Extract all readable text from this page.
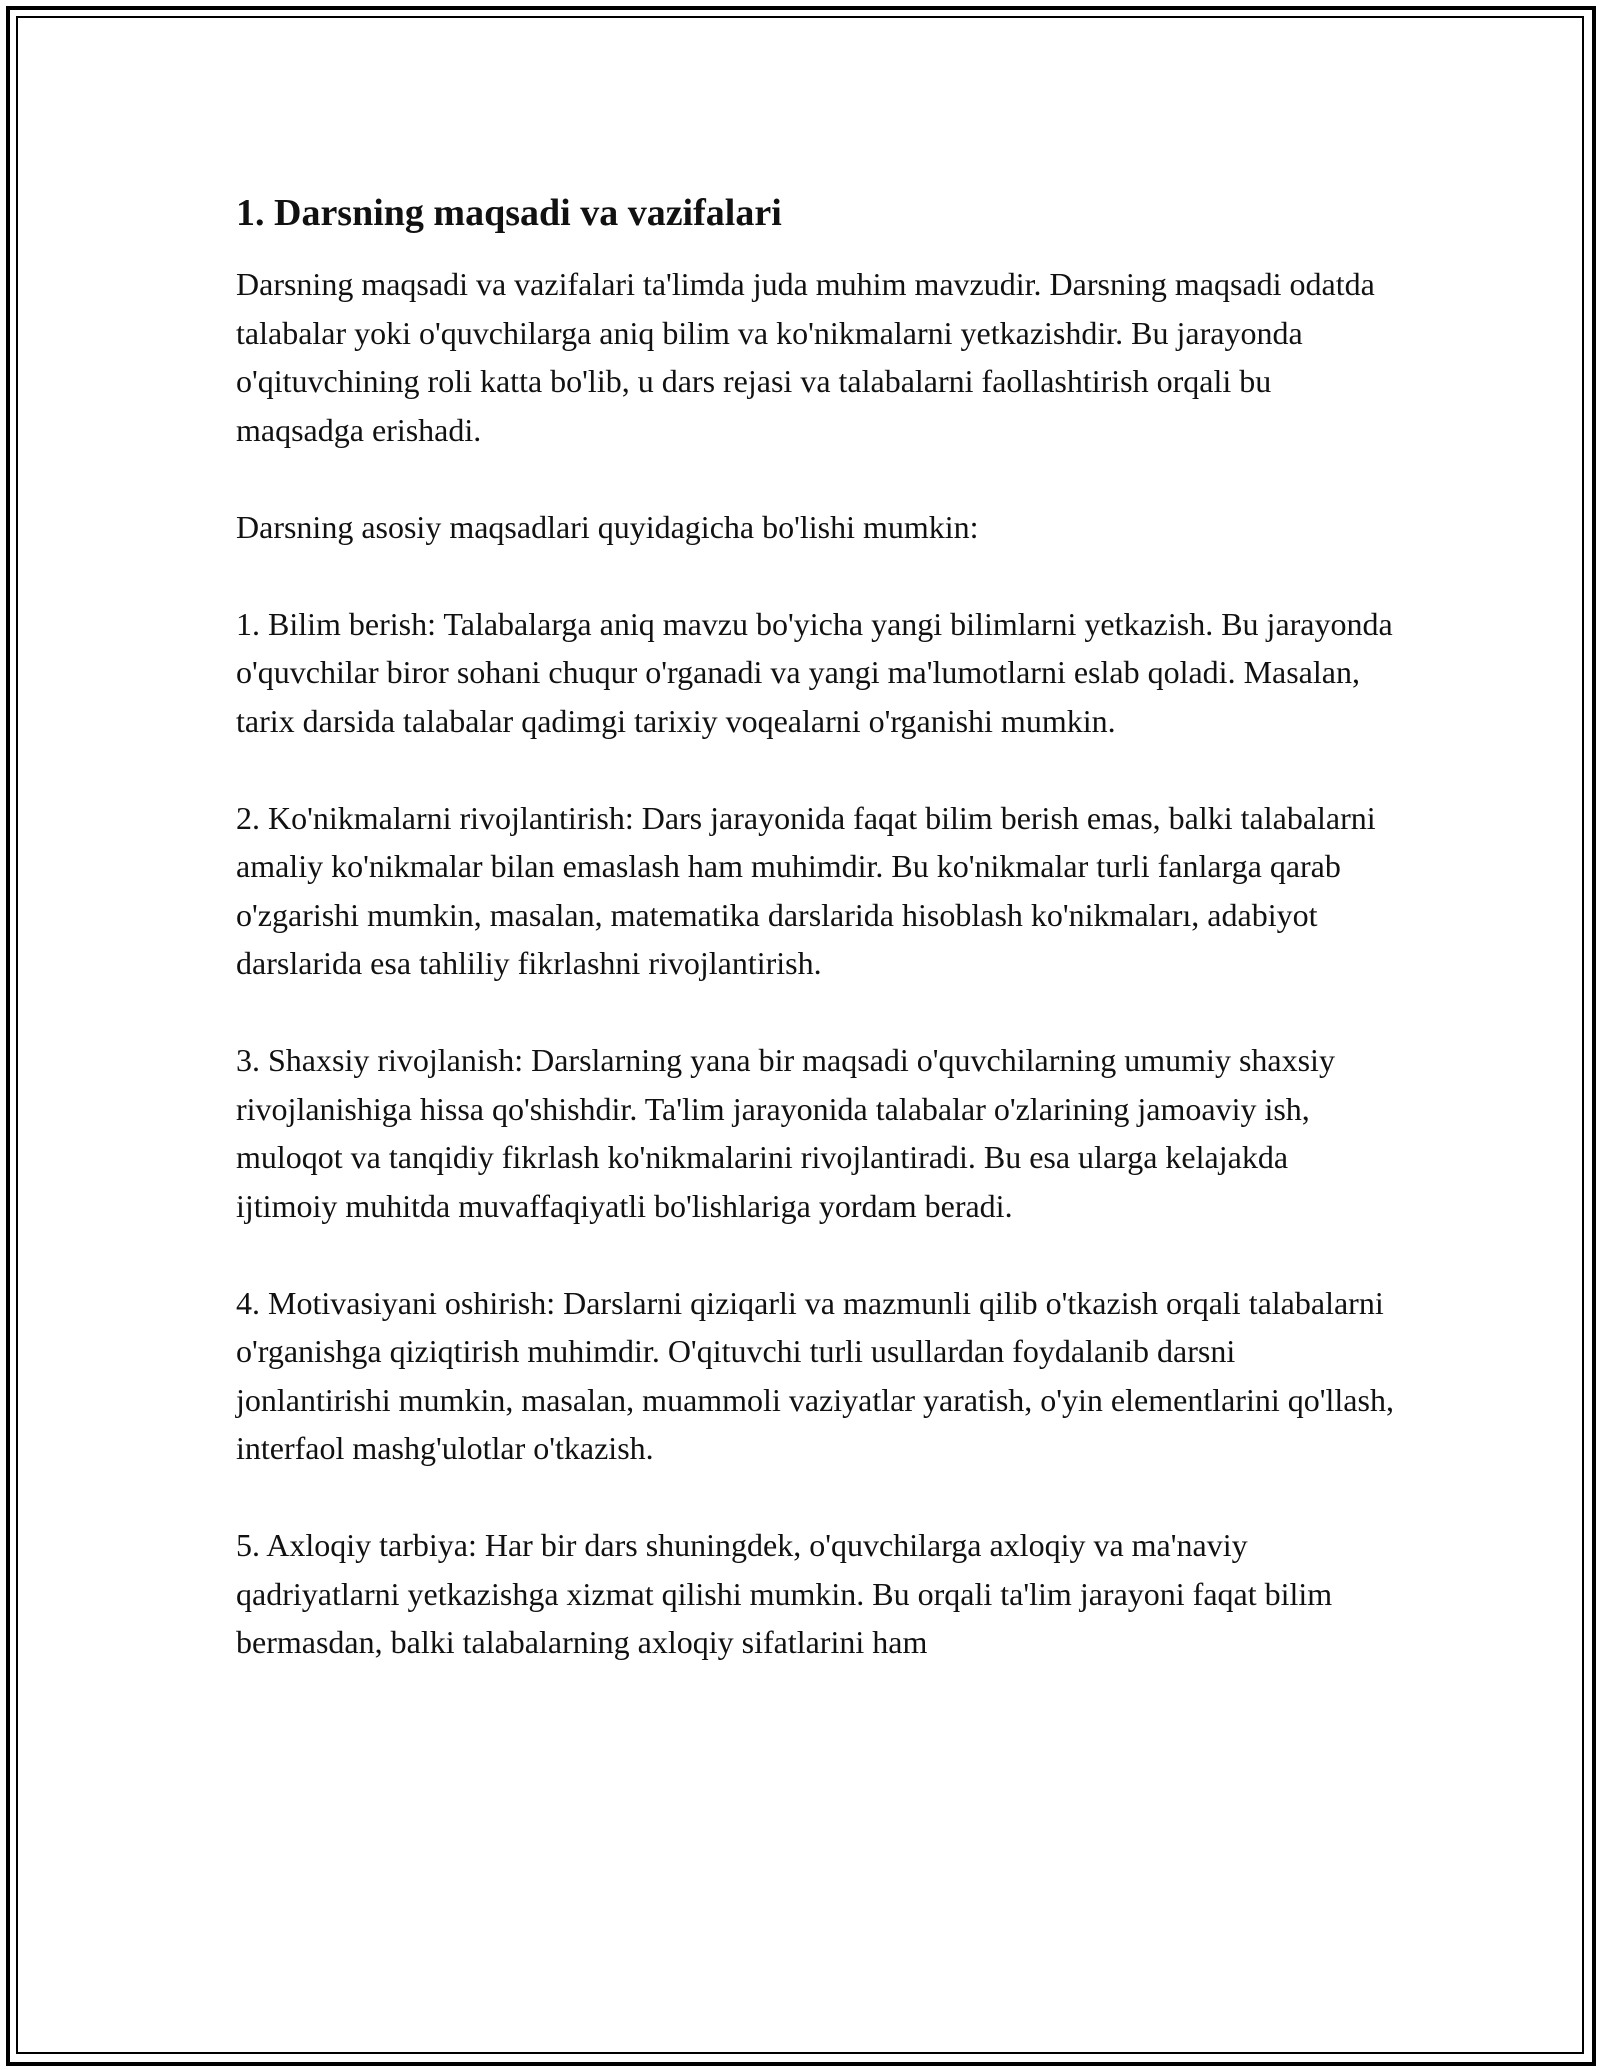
1. Darsning maqsadi va vazifalari

Darsning maqsadi va vazifalari ta'limda juda muhim mavzudir. Darsning maqsadi odatda talabalar yoki o'quvchilarga aniq bilim va ko'nikmalarni yetkazishdir. Bu jarayonda o'qituvchining roli katta bo'lib, u dars rejasi va talabalarni faollashtirish orqali bu maqsadga erishadi.

Darsning asosiy maqsadlari quyidagicha bo'lishi mumkin:

1. Bilim berish: Talabalarga aniq mavzu bo'yicha yangi bilimlarni yetkazish. Bu jarayonda o'quvchilar biror sohani chuqur o'rganadi va yangi ma'lumotlarni eslab qoladi. Masalan, tarix darsida talabalar qadimgi tarixiy voqealarni o'rganishi mumkin.

2. Ko'nikmalarni rivojlantirish: Dars jarayonida faqat bilim berish emas, balki talabalarni amaliy ko'nikmalar bilan emaslash ham muhimdir. Bu ko'nikmalar turli fanlarga qarab o'zgarishi mumkin, masalan, matematika darslarida hisoblash ko'nikmaları, adabiyot darslarida esa tahliliy fikrlashni rivojlantirish.

3. Shaxsiy rivojlanish: Darslarning yana bir maqsadi o'quvchilarning umumiy shaxsiy rivojlanishiga hissa qo'shishdir. Ta'lim jarayonida talabalar o'zlarining jamoaviy ish, muloqot va tanqidiy fikrlash ko'nikmalarini rivojlantiradi. Bu esa ularga kelajakda ijtimoiy muhitda muvaffaqiyatli bo'lishlariga yordam beradi.

4. Motivasiyani oshirish: Darslarni qiziqarli va mazmunli qilib o'tkazish orqali talabalarni o'rganishga qiziqtirish muhimdir. O'qituvchi turli usullardan foydalanib darsni jonlantirishi mumkin, masalan, muammoli vaziyatlar yaratish, o'yin elementlarini qo'llash, interfaol mashg'ulotlar o'tkazish.

5. Axloqiy tarbiya: Har bir dars shuningdek, o'quvchilarga axloqiy va ma'naviy qadriyatlarni yetkazishga xizmat qilishi mumkin. Bu orqali ta'lim jarayoni faqat bilim bermasdan, balki talabalarning axloqiy sifatlarini ham
